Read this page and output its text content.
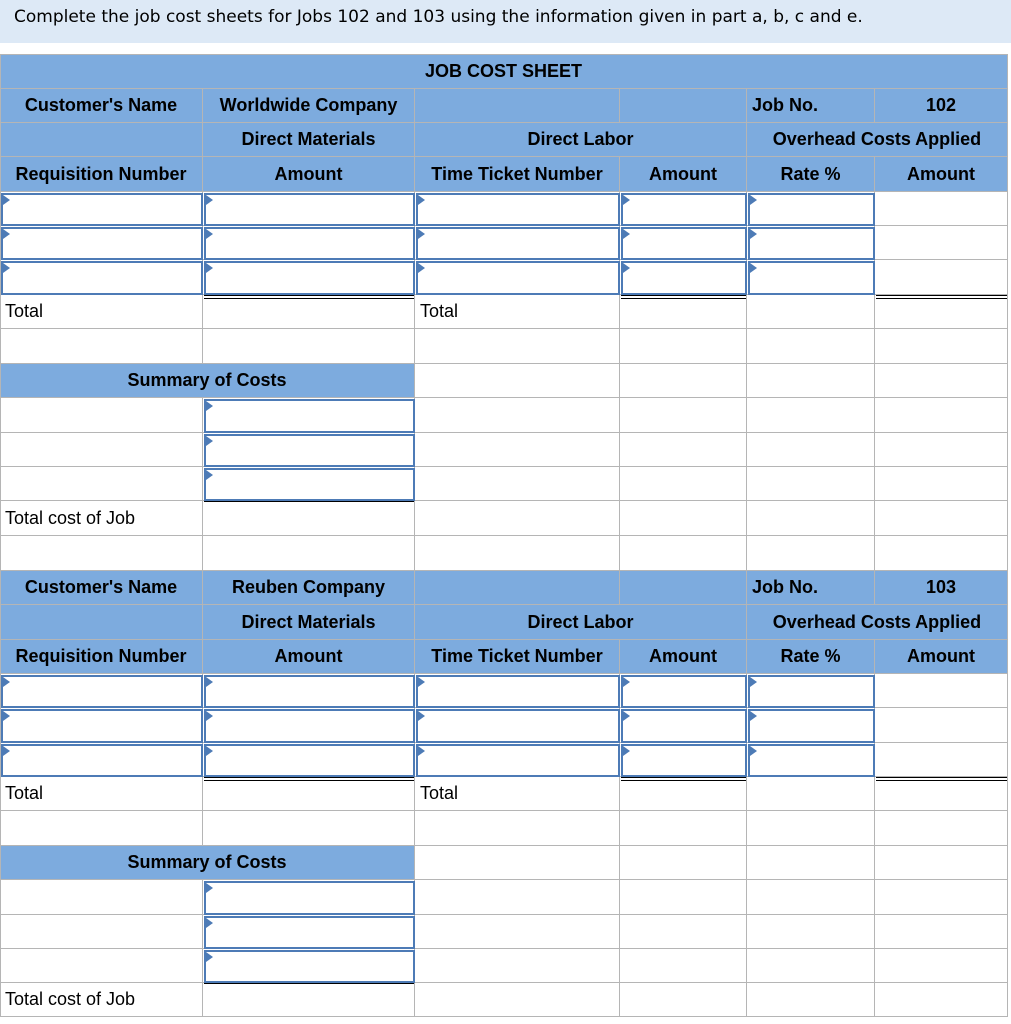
Complete the job cost sheets for Jobs 102 and 103 using the information given in part a, b, c and e.
JOB COST SHEET
Customer's Name	Worldwide Company	Job No.	102
Direct Materials	Direct Labor	Overhead Costs Applied
Requisition Number	Amount	Time Ticket Number	Amount	Rate %	Amount
Total	Total
Summary of Costs
Total cost of Job
Customer's Name	Reuben Company	Job No.	103
Direct Materials	Direct Labor	Overhead Costs Applied
Requisition Number	Amount	Time Ticket Number	Amount	Rate %	Amount
Total	Total
Summary of Costs
Total cost of Job
